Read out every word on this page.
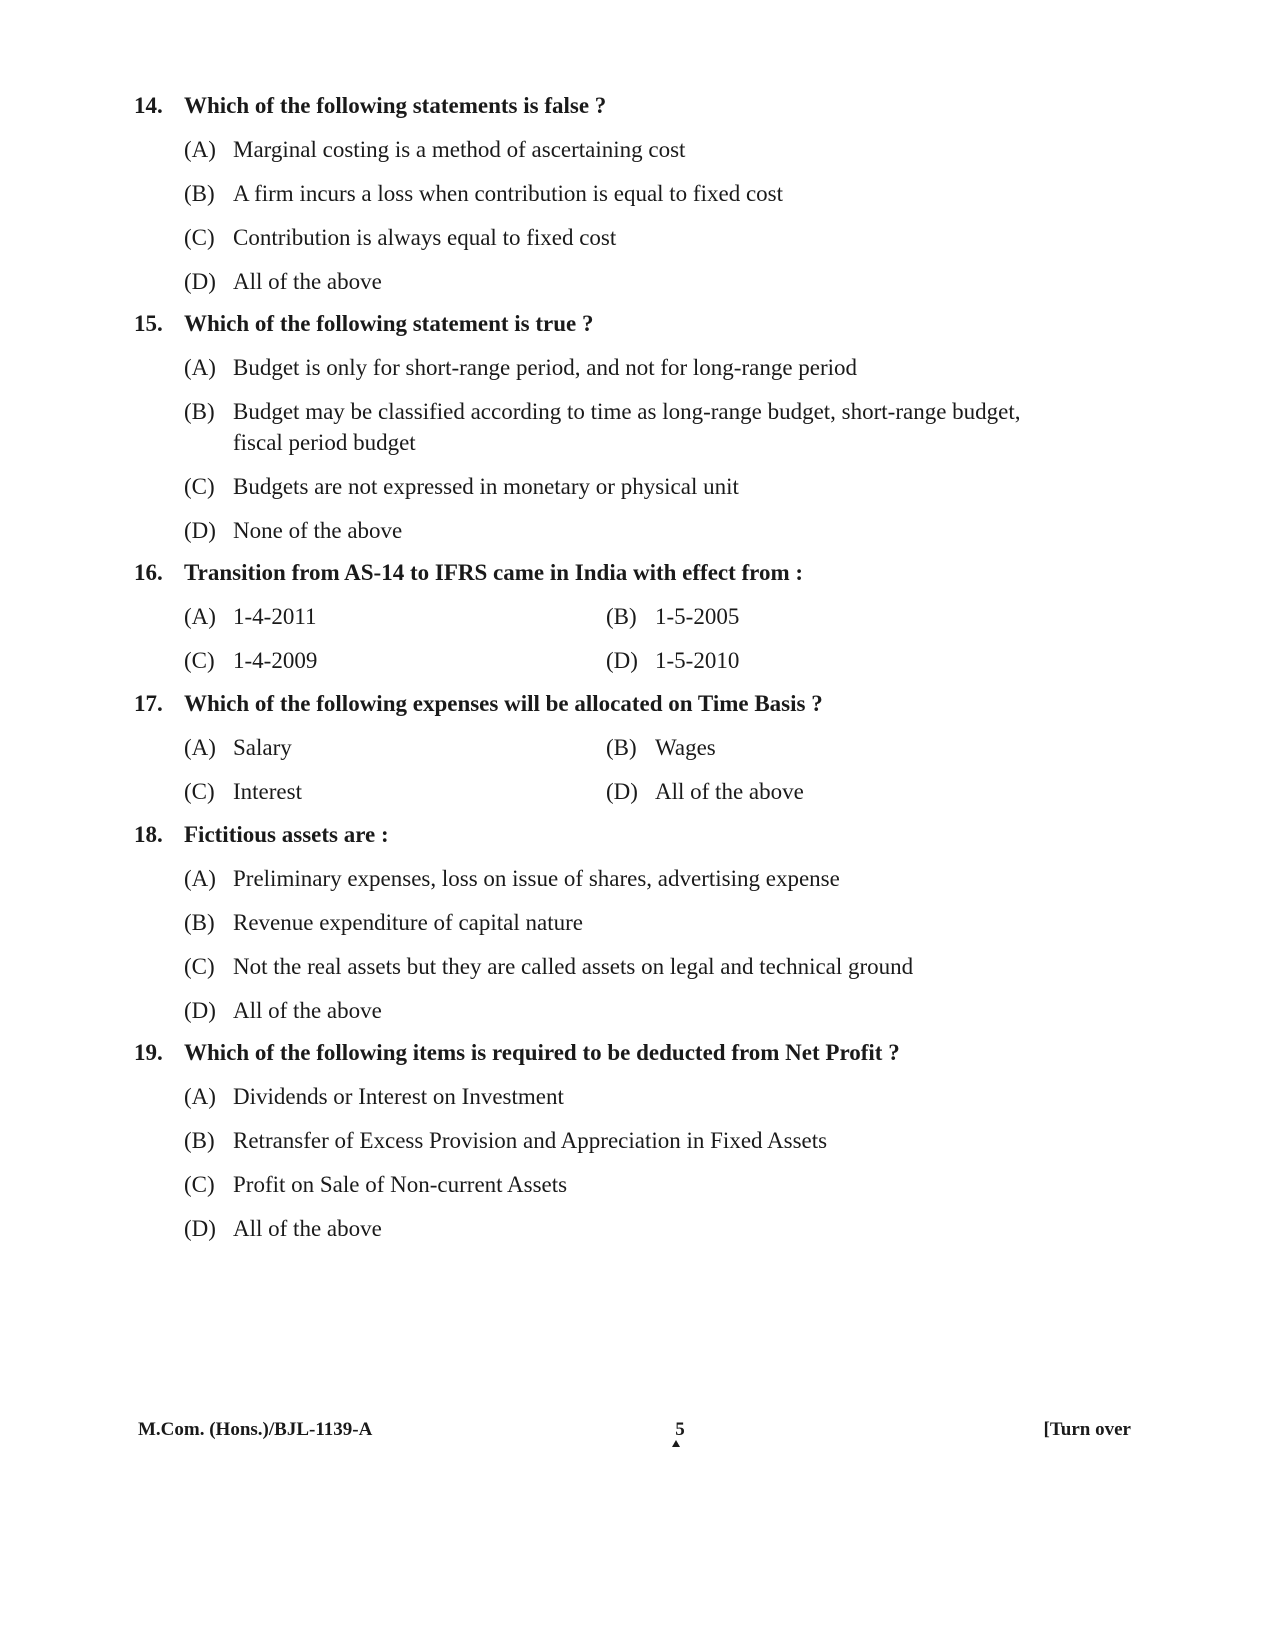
14. Which of the following statements is false ?
(A) Marginal costing is a method of ascertaining cost
(B) A firm incurs a loss when contribution is equal to fixed cost
(C) Contribution is always equal to fixed cost
(D) All of the above
15. Which of the following statement is true ?
(A) Budget is only for short-range period, and not for long-range period
(B) Budget may be classified according to time as long-range budget, short-range budget, fiscal period budget
(C) Budgets are not expressed in monetary or physical unit
(D) None of the above
16. Transition from AS-14 to IFRS came in India with effect from :
(A) 1-4-2011	(B) 1-5-2005
(C) 1-4-2009	(D) 1-5-2010
17. Which of the following expenses will be allocated on Time Basis ?
(A) Salary	(B) Wages
(C) Interest	(D) All of the above
18. Fictitious assets are :
(A) Preliminary expenses, loss on issue of shares, advertising expense
(B) Revenue expenditure of capital nature
(C) Not the real assets but they are called assets on legal and technical ground
(D) All of the above
19. Which of the following items is required to be deducted from Net Profit ?
(A) Dividends or Interest on Investment
(B) Retransfer of Excess Provision and Appreciation in Fixed Assets
(C) Profit on Sale of Non-current Assets
(D) All of the above
M.Com. (Hons.)/BJL-1139-A	5	[Turn over
